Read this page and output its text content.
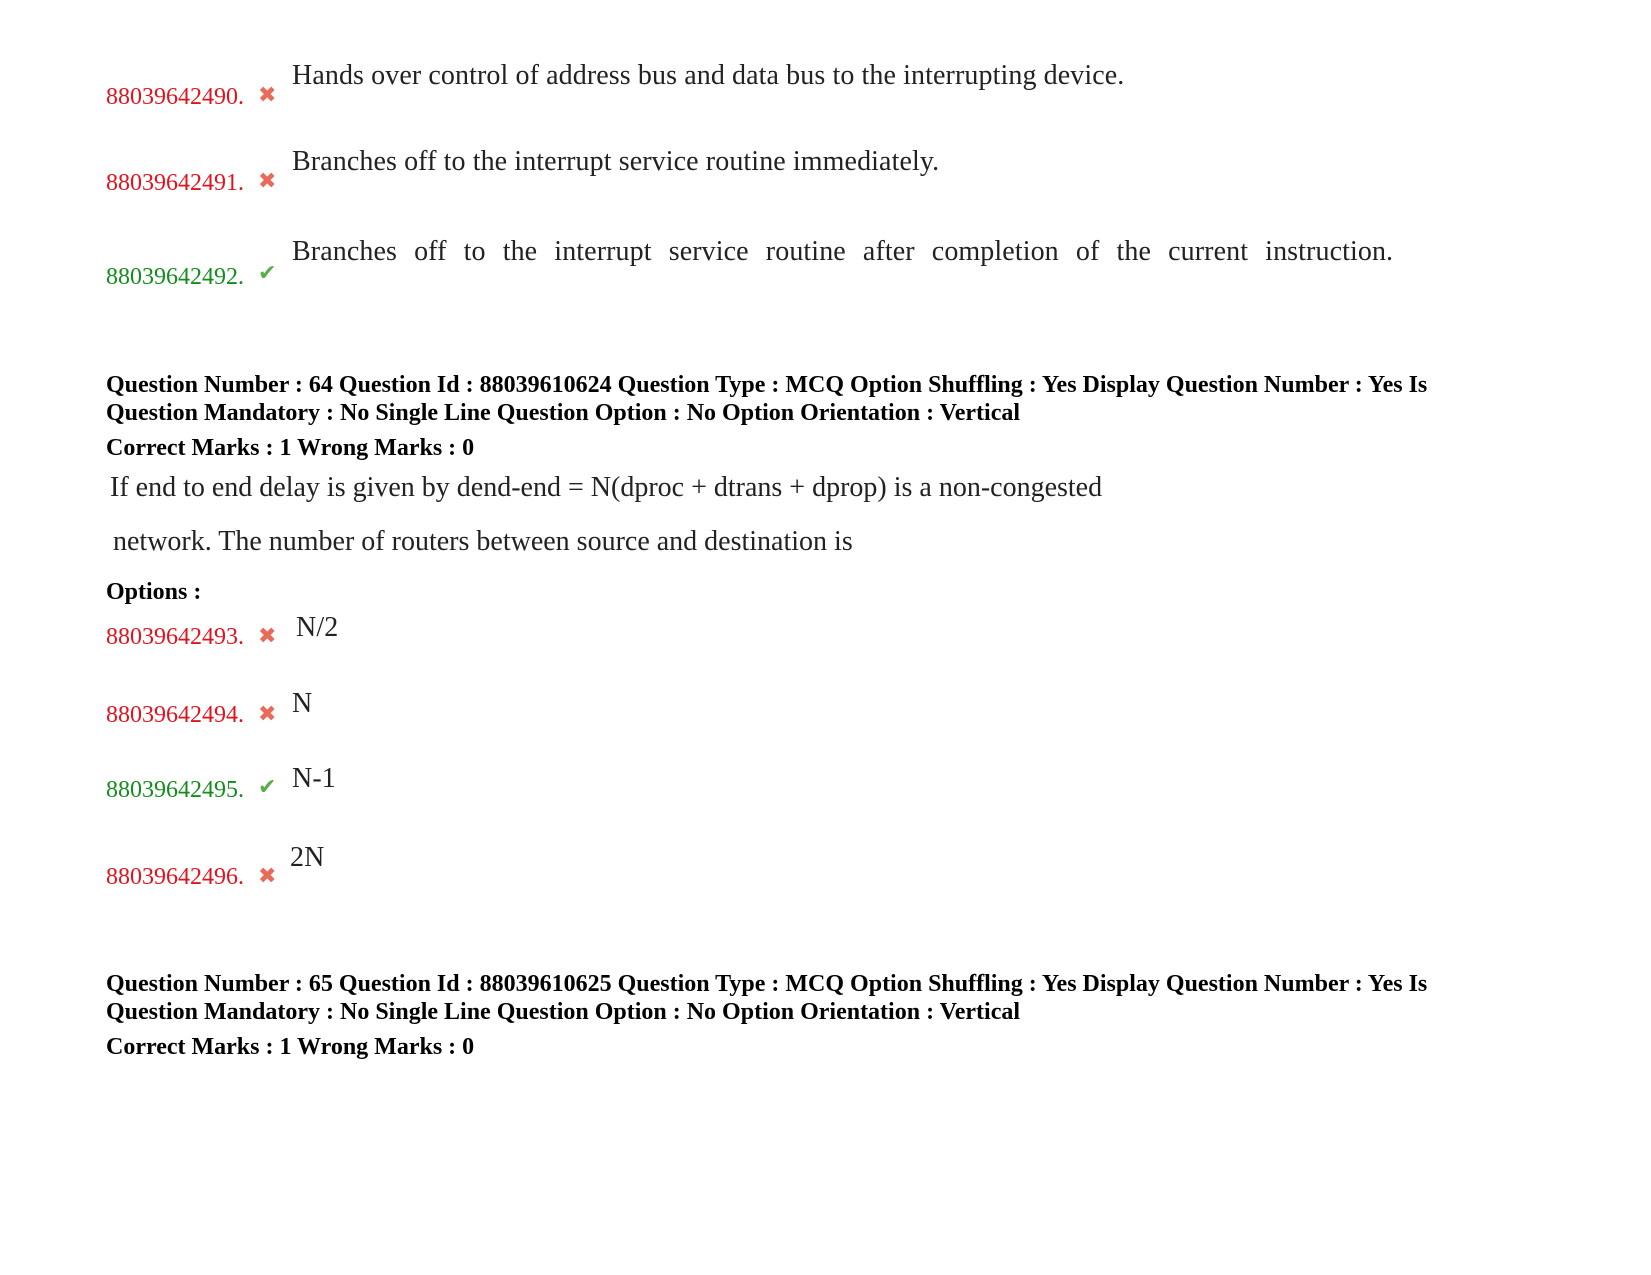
88039642490. ✖
Hands over control of address bus and data bus to the interrupting device.
88039642491. ✖
Branches off to the interrupt service routine immediately.
88039642492. ✔
Branches off to the interrupt service routine after completion of the current instruction.
Question Number : 64 Question Id : 88039610624 Question Type : MCQ Option Shuffling : Yes Display Question Number : Yes Is
Question Mandatory : No Single Line Question Option : No Option Orientation : Vertical
Correct Marks : 1 Wrong Marks : 0
If end to end delay is given by dend-end = N(dproc + dtrans + dprop) is a non-congested
network. The number of routers between source and destination is
Options :
88039642493. ✖ N/2
88039642494. ✖ N
88039642495. ✔ N-1
88039642496. ✖
2N
Question Number : 65 Question Id : 88039610625 Question Type : MCQ Option Shuffling : Yes Display Question Number : Yes Is
Question Mandatory : No Single Line Question Option : No Option Orientation : Vertical
Correct Marks : 1 Wrong Marks : 0
